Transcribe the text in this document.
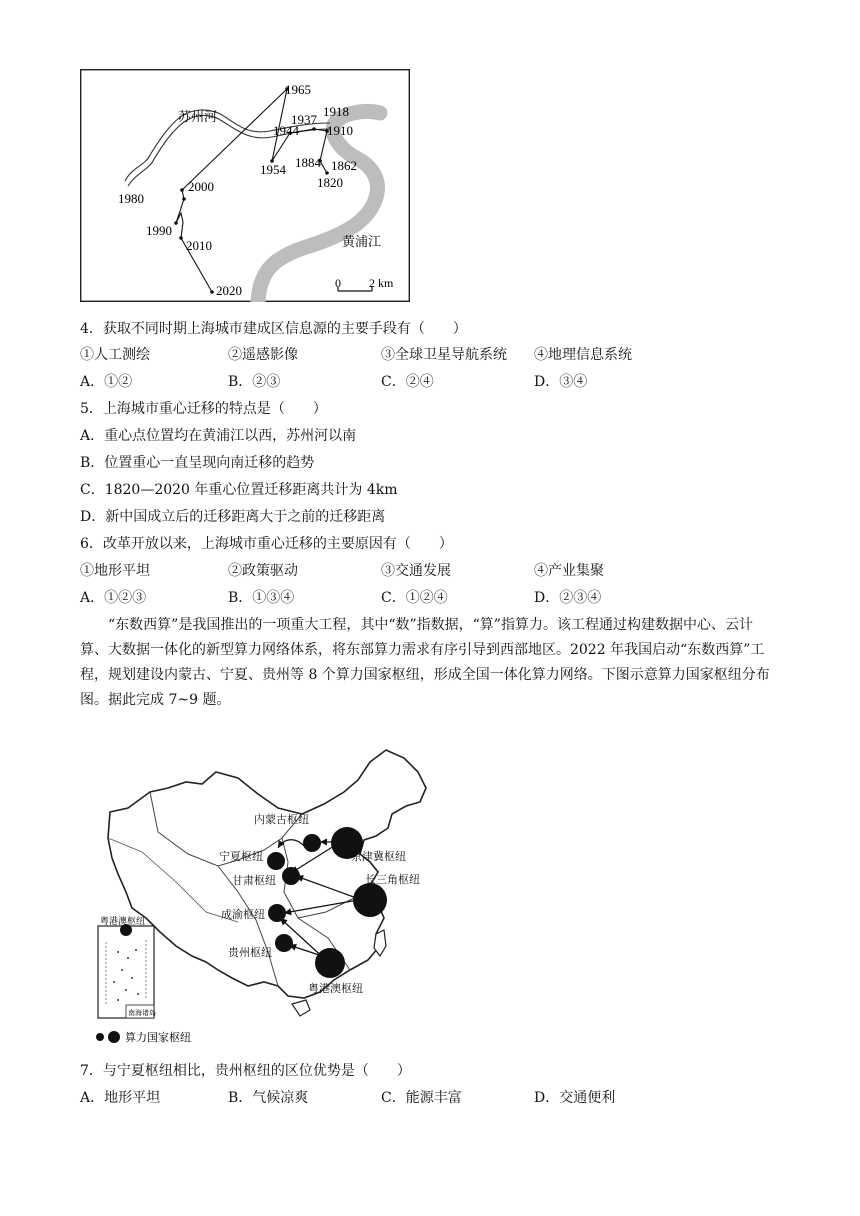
苏州河
黄浦江
1965
1918
1937
1944 1910
1954 1884 1862
1820
2000
1980
1990
2010
2020	0 2 km
4．获取不同时期上海城市建成区信息源的主要手段有（　　）
①人工测绘	②遥感影像	③全球卫星导航系统 ④地理信息系统
A．①②	B．②③	C．②④	D．③④
5．上海城市重心迁移的特点是（　　）
A．重心点位置均在黄浦江以西，苏州河以南
B．位置重心一直呈现向南迁移的趋势
C．1820—2020 年重心位置迁移距离共计为 4km
D．新中国成立后的迁移距离大于之前的迁移距离
6．改革开放以来，上海城市重心迁移的主要原因有（　　）
①地形平坦	②政策驱动	③交通发展	④产业集聚
A．①②③	B．①③④	C．①②④	D．②③④
“东数西算”是我国推出的一项重大工程，其中“数”指数据，“算”指算力。该工程通过构建数据中心、云计算、大数据一体化的新型算力网络体系，将东部算力需求有序引导到西部地区。2022 年我国启动“东数西算”工程，规划建设内蒙古、宁夏、贵州等 8 个算力国家枢纽，形成全国一体化算力网络。下图示意算力国家枢纽分布图。据此完成 7~9 题。
内蒙古枢纽
宁夏枢纽	京津冀枢纽
甘肃枢纽	长三角枢纽
成渝枢纽
贵州枢纽
粤港澳枢纽
粤港澳枢纽
南海诸岛
算力国家枢纽
7．与宁夏枢纽相比，贵州枢纽的区位优势是（　　）
A．地形平坦	B．气候凉爽	C．能源丰富	D．交通便利
